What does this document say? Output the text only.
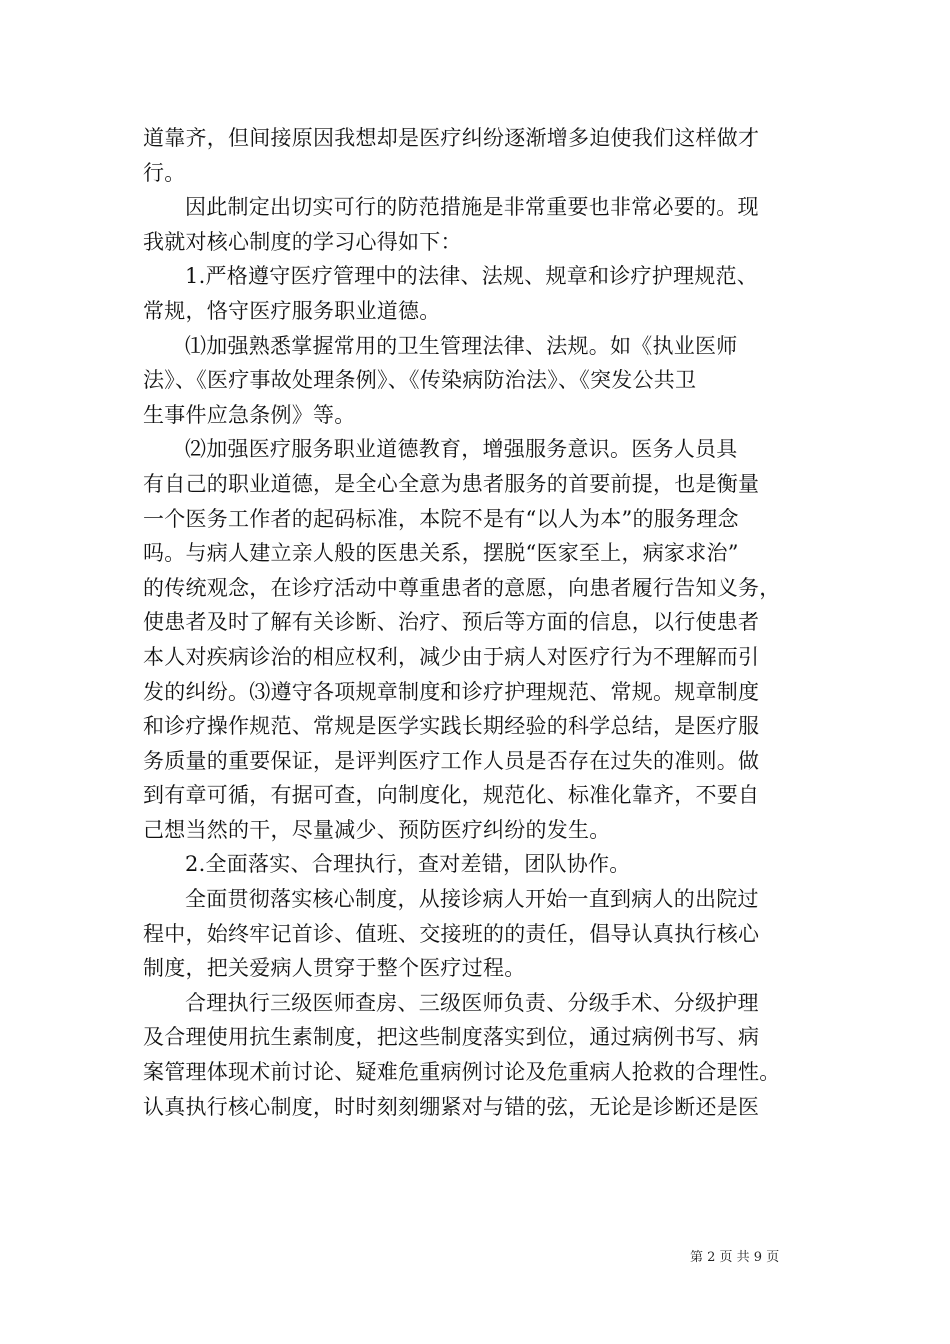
道靠齐，但间接原因我想却是医疗纠纷逐渐增多迫使我们这样做才
行。
因此制定出切实可行的防范措施是非常重要也非常必要的。现
我就对核心制度的学习心得如下：
1.严格遵守医疗管理中的法律、法规、规章和诊疗护理规范、
常规，恪守医疗服务职业道德。
⑴加强熟悉掌握常用的卫生管理法律、法规。如《执业医师
法》、《医疗事故处理条例》、《传染病防治法》、《突发公共卫
生事件应急条例》等。
⑵加强医疗服务职业道德教育，增强服务意识。医务人员具
有自己的职业道德，是全心全意为患者服务的首要前提，也是衡量
一个医务工作者的起码标准，本院不是有“以人为本”的服务理念
吗。与病人建立亲人般的医患关系，摆脱“医家至上，病家求治”
的传统观念，在诊疗活动中尊重患者的意愿，向患者履行告知义务，
使患者及时了解有关诊断、治疗、预后等方面的信息，以行使患者
本人对疾病诊治的相应权利，减少由于病人对医疗行为不理解而引
发的纠纷。⑶遵守各项规章制度和诊疗护理规范、常规。规章制度
和诊疗操作规范、常规是医学实践长期经验的科学总结，是医疗服
务质量的重要保证，是评判医疗工作人员是否存在过失的准则。做
到有章可循，有据可查，向制度化，规范化、标准化靠齐，不要自
己想当然的干，尽量减少、预防医疗纠纷的发生。
2.全面落实、合理执行，查对差错，团队协作。
全面贯彻落实核心制度，从接诊病人开始一直到病人的出院过
程中，始终牢记首诊、值班、交接班的的责任，倡导认真执行核心
制度，把关爱病人贯穿于整个医疗过程。
合理执行三级医师查房、三级医师负责、分级手术、分级护理
及合理使用抗生素制度，把这些制度落实到位，通过病例书写、病
案管理体现术前讨论、疑难危重病例讨论及危重病人抢救的合理性。
认真执行核心制度，时时刻刻绷紧对与错的弦，无论是诊断还是医
第 2 页 共 9 页
